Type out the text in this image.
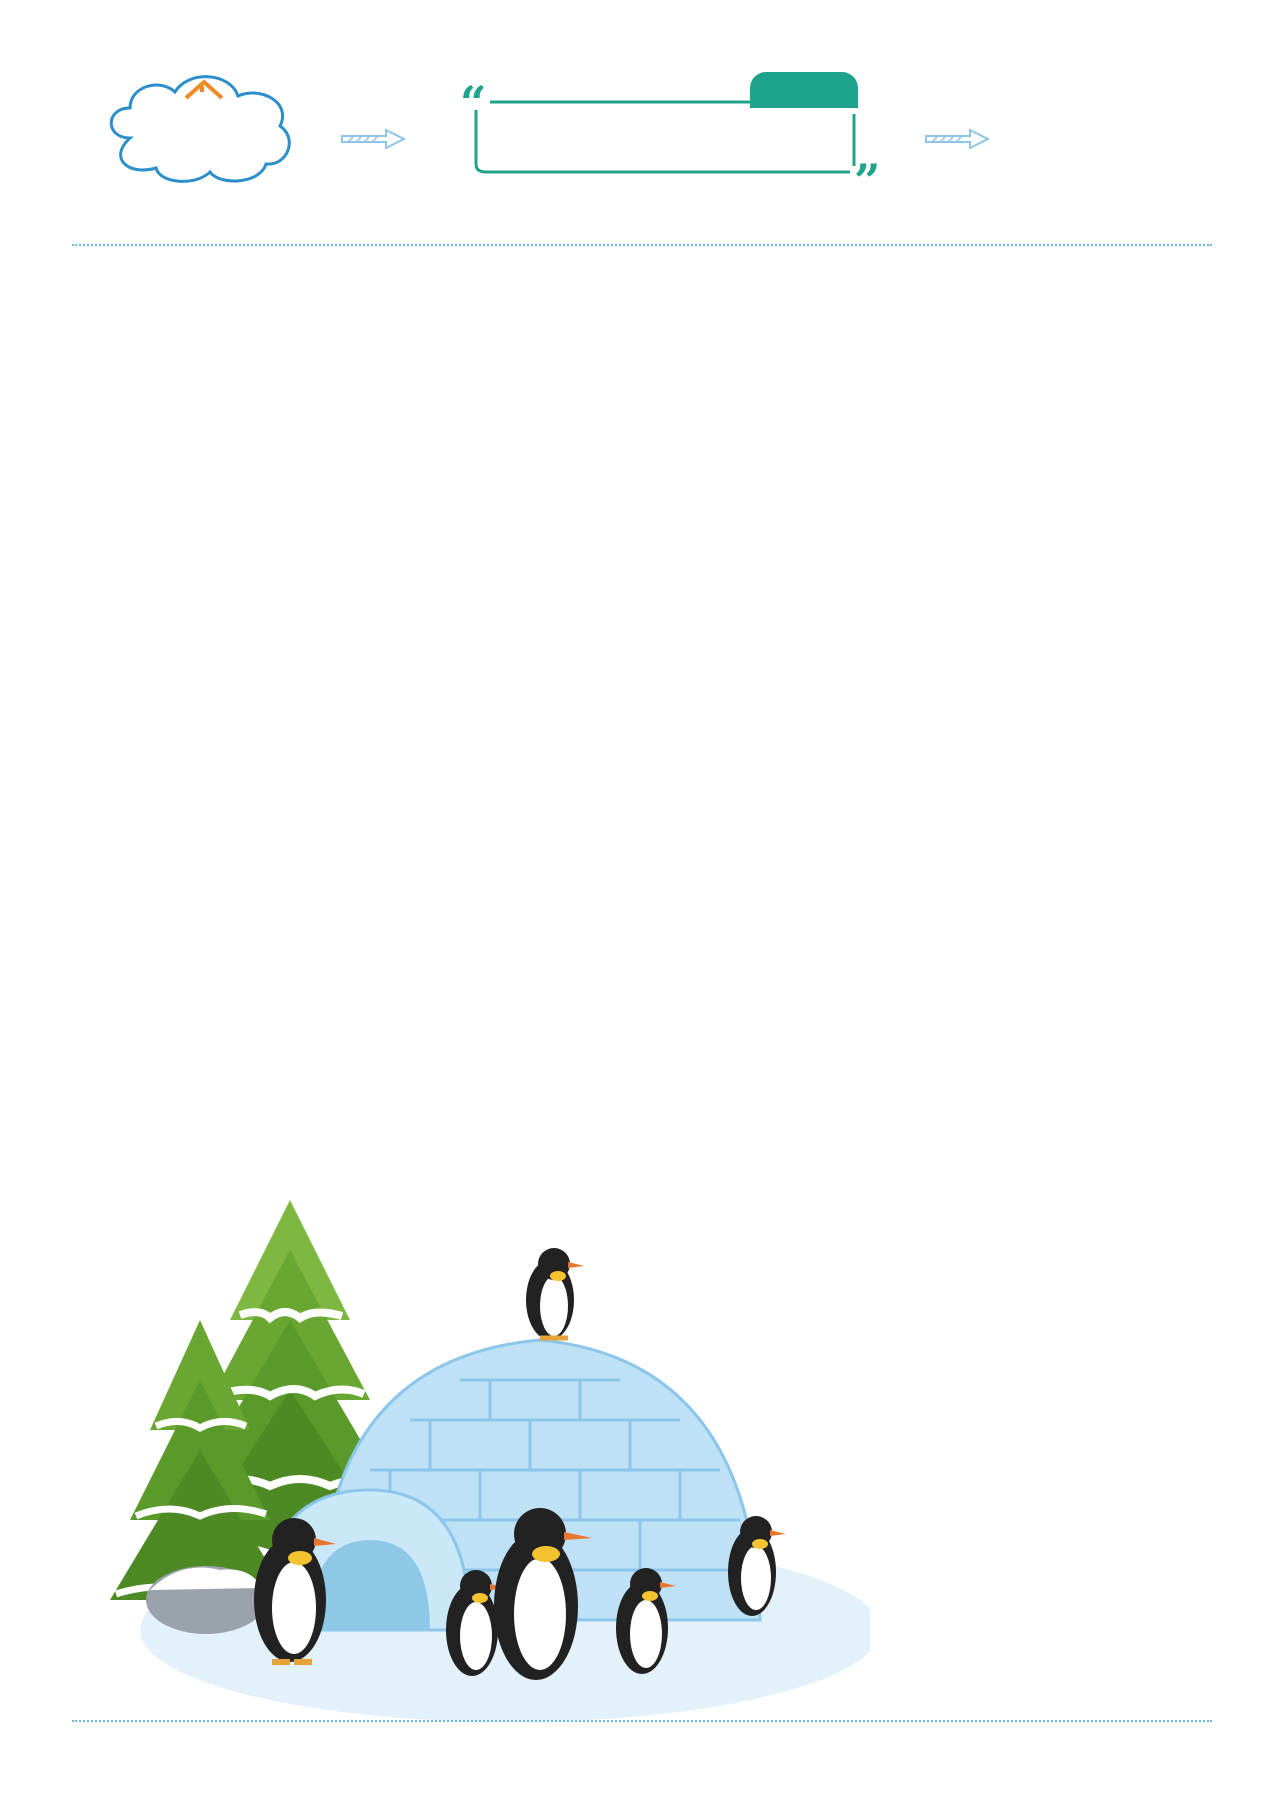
“
”
